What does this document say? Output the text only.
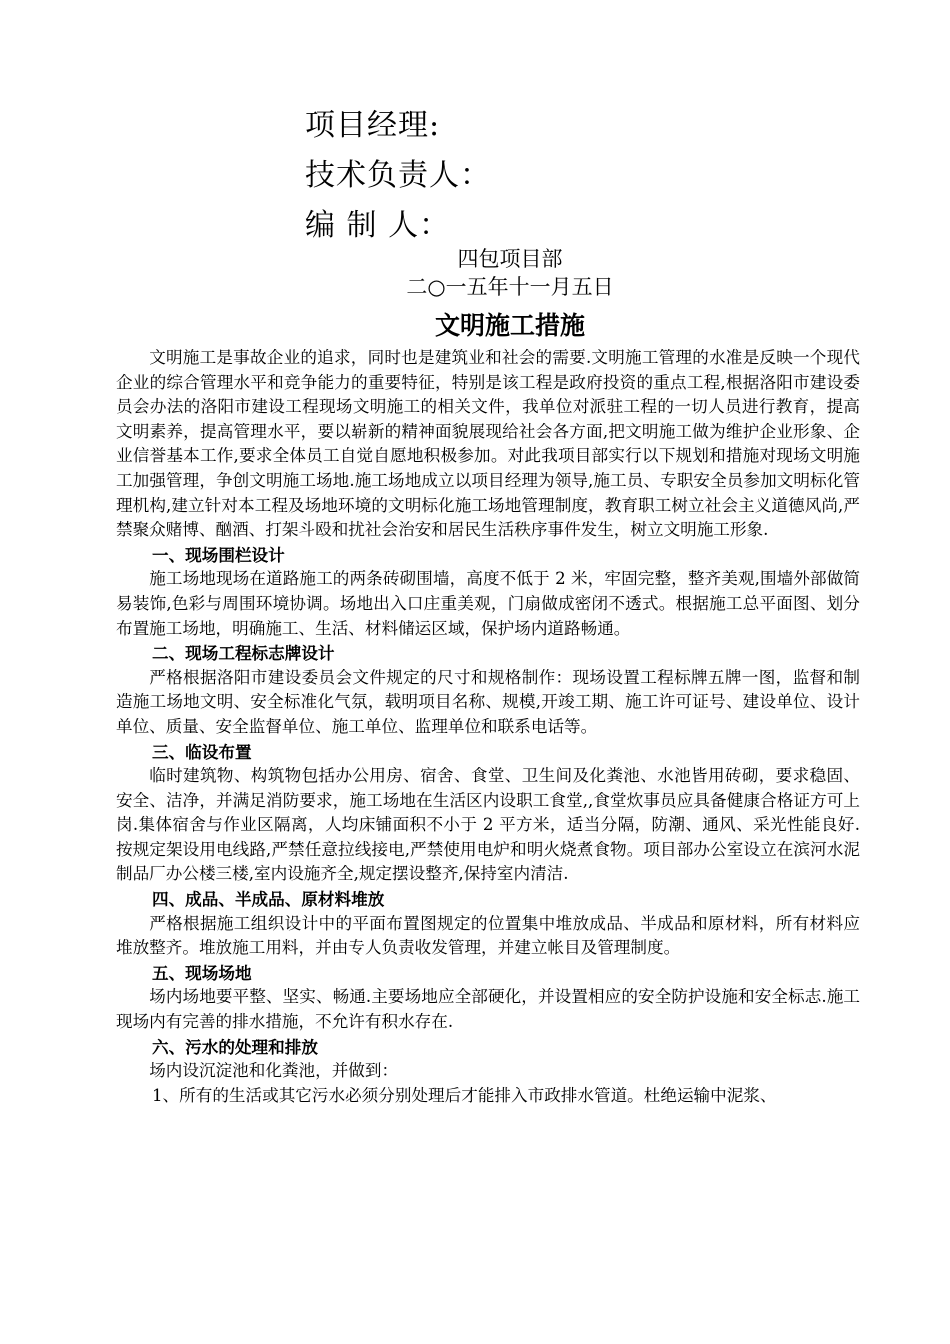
项目经理:
技术负责人：
编 制 人：
四包项目部
二○一五年十一月五日
文明施工措施

文明施工是事故企业的追求，同时也是建筑业和社会的需要.文明施工管理的水准是反映一个现代企业的综合管理水平和竞争能力的重要特征，特别是该工程是政府投资的重点工程,根据洛阳市建设委员会办法的洛阳市建设工程现场文明施工的相关文件，我单位对派驻工程的一切人员进行教育，提高文明素养，提高管理水平，要以崭新的精神面貌展现给社会各方面,把文明施工做为维护企业形象、企业信誉基本工作,要求全体员工自觉自愿地积极参加。对此我项目部实行以下规划和措施对现场文明施工加强管理，争创文明施工场地.施工场地成立以项目经理为领导,施工员、专职安全员参加文明标化管理机构,建立针对本工程及场地环境的文明标化施工场地管理制度，教育职工树立社会主义道德风尚,严禁聚众赌博、酗酒、打架斗殴和扰社会治安和居民生活秩序事件发生，树立文明施工形象.

一、现场围栏设计

施工场地现场在道路施工的两条砖砌围墙，高度不低于 2 米，牢固完整，整齐美观,围墙外部做简易装饰,色彩与周围环境协调。场地出入口庄重美观，门扇做成密闭不透式。根据施工总平面图、划分布置施工场地，明确施工、生活、材料储运区域，保护场内道路畅通。

二、现场工程标志牌设计

严格根据洛阳市建设委员会文件规定的尺寸和规格制作：现场设置工程标牌五牌一图，监督和制造施工场地文明、安全标准化气氛，载明项目名称、规模,开竣工期、施工许可证号、建设单位、设计单位、质量、安全监督单位、施工单位、监理单位和联系电话等。

三、临设布置

临时建筑物、构筑物包括办公用房、宿舍、食堂、卫生间及化粪池、水池皆用砖砌，要求稳固、安全、洁净，并满足消防要求，施工场地在生活区内设职工食堂,,食堂炊事员应具备健康合格证方可上岗.集体宿舍与作业区隔离，人均床铺面积不小于 2 平方米，适当分隔，防潮、通风、采光性能良好.按规定架设用电线路,严禁任意拉线接电,严禁使用电炉和明火烧煮食物。项目部办公室设立在滨河水泥制品厂办公楼三楼,室内设施齐全,规定摆设整齐,保持室内清洁.

四、成品、半成品、原材料堆放

严格根据施工组织设计中的平面布置图规定的位置集中堆放成品、半成品和原材料，所有材料应堆放整齐。堆放施工用料，并由专人负责收发管理，并建立帐目及管理制度。

五、现场场地

场内场地要平整、坚实、畅通.主要场地应全部硬化，并设置相应的安全防护设施和安全标志.施工现场内有完善的排水措施，不允许有积水存在.

六、污水的处理和排放

场内设沉淀池和化粪池，并做到：

1、所有的生活或其它污水必须分别处理后才能排入市政排水管道。杜绝运输中泥浆、
